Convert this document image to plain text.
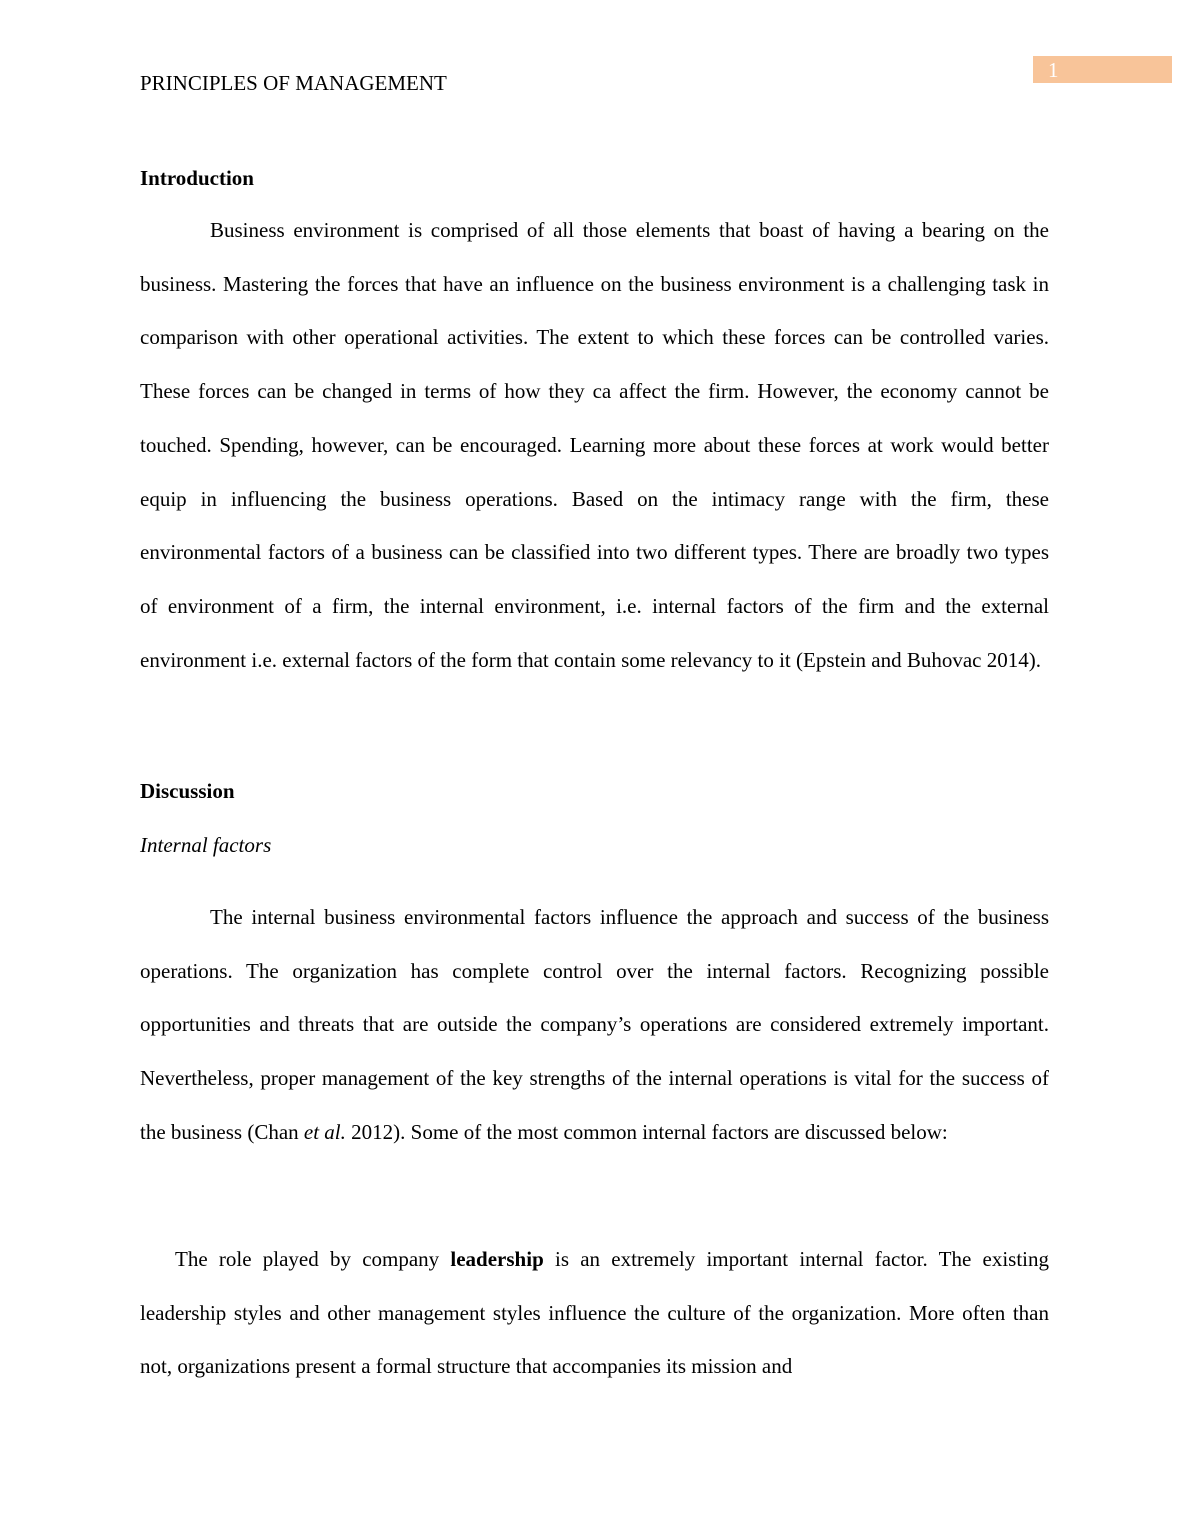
1
PRINCIPLES OF MANAGEMENT
Introduction

Business environment is comprised of all those elements that boast of having a bearing on the business. Mastering the forces that have an influence on the business environment is a challenging task in comparison with other operational activities. The extent to which these forces can be controlled varies. These forces can be changed in terms of how they ca affect the firm. However, the economy cannot be touched. Spending, however, can be encouraged. Learning more about these forces at work would better equip in influencing the business operations. Based on the intimacy range with the firm, these environmental factors of a business can be classified into two different types. There are broadly two types of environment of a firm, the internal environment, i.e. internal factors of the firm and the external environment i.e. external factors of the form that contain some relevancy to it (Epstein and Buhovac 2014).

Discussion
Internal factors

The internal business environmental factors influence the approach and success of the business operations. The organization has complete control over the internal factors. Recognizing possible opportunities and threats that are outside the company’s operations are considered extremely important. Nevertheless, proper management of the key strengths of the internal operations is vital for the success of the business (Chan et al. 2012). Some of the most common internal factors are discussed below:

The role played by company leadership is an extremely important internal factor. The existing leadership styles and other management styles influence the culture of the organization. More often than not, organizations present a formal structure that accompanies its mission and
